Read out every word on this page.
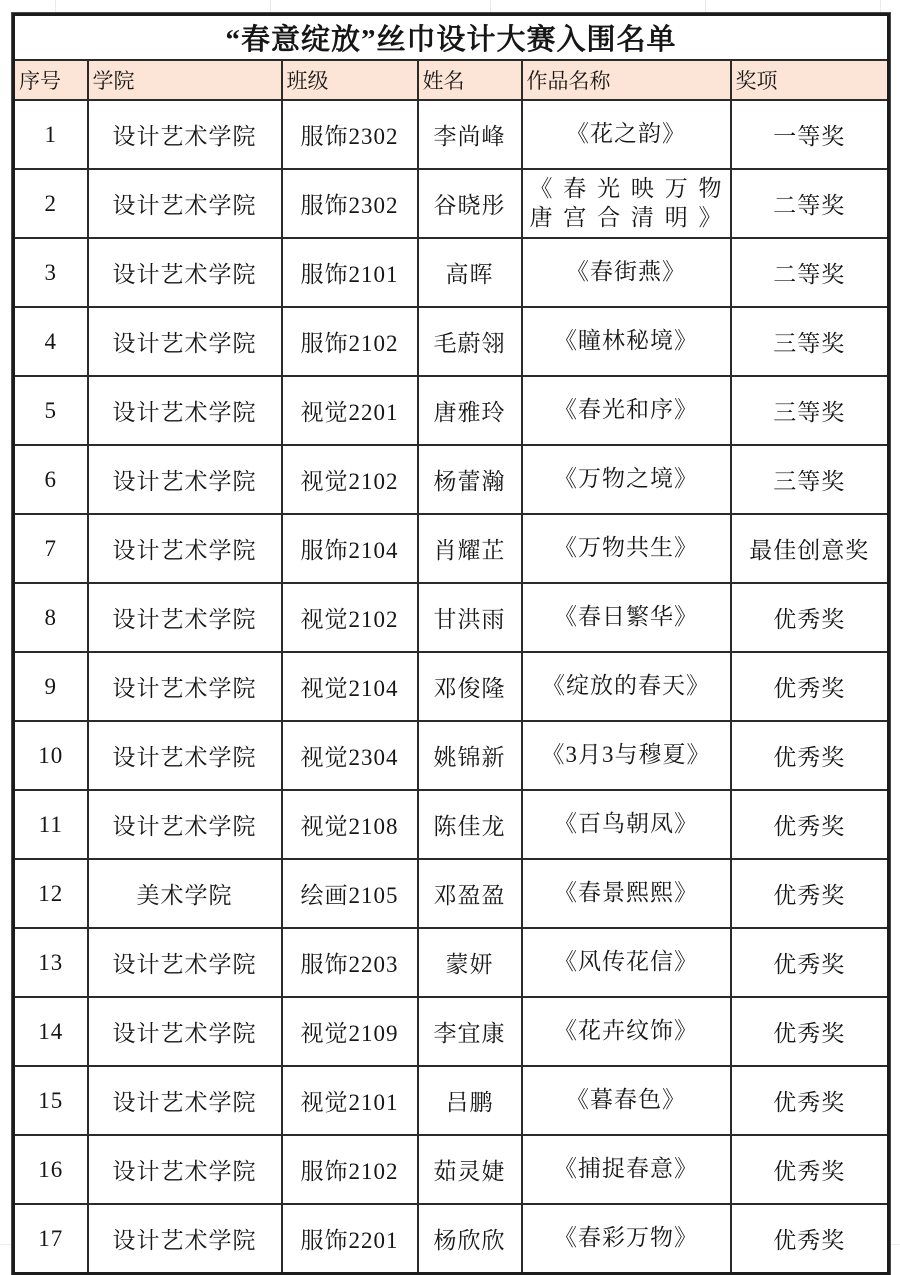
“春意绽放”丝巾设计大赛入围名单					
序号	学院	班级	姓名	作品名称	奖项
1	设计艺术学院	服饰2302	李尚峰	《花之韵》	一等奖
2	设计艺术学院	服饰2302	谷晓彤	《春光映万物
唐宫合清明》	二等奖
3	设计艺术学院	服饰2101	高晖	《春街燕》	二等奖
4	设计艺术学院	服饰2102	毛蔚翎	《瞳林秘境》	三等奖
5	设计艺术学院	视觉2201	唐雅玲	《春光和序》	三等奖
6	设计艺术学院	视觉2102	杨蕾瀚	《万物之境》	三等奖
7	设计艺术学院	服饰2104	肖耀芷	《万物共生》	最佳创意奖
8	设计艺术学院	视觉2102	甘洪雨	《春日繁华》	优秀奖
9	设计艺术学院	视觉2104	邓俊隆	《绽放的春天》	优秀奖
10	设计艺术学院	视觉2304	姚锦新	《3月3与穆夏》	优秀奖
11	设计艺术学院	视觉2108	陈佳龙	《百鸟朝凤》	优秀奖
12	美术学院	绘画2105	邓盈盈	《春景熙熙》	优秀奖
13	设计艺术学院	服饰2203	蒙妍	《风传花信》	优秀奖
14	设计艺术学院	视觉2109	李宜康	《花卉纹饰》	优秀奖
15	设计艺术学院	视觉2101	吕鹏	《暮春色》	优秀奖
16	设计艺术学院	服饰2102	茹灵婕	《捕捉春意》	优秀奖
17	设计艺术学院	服饰2201	杨欣欣	《春彩万物》	优秀奖
